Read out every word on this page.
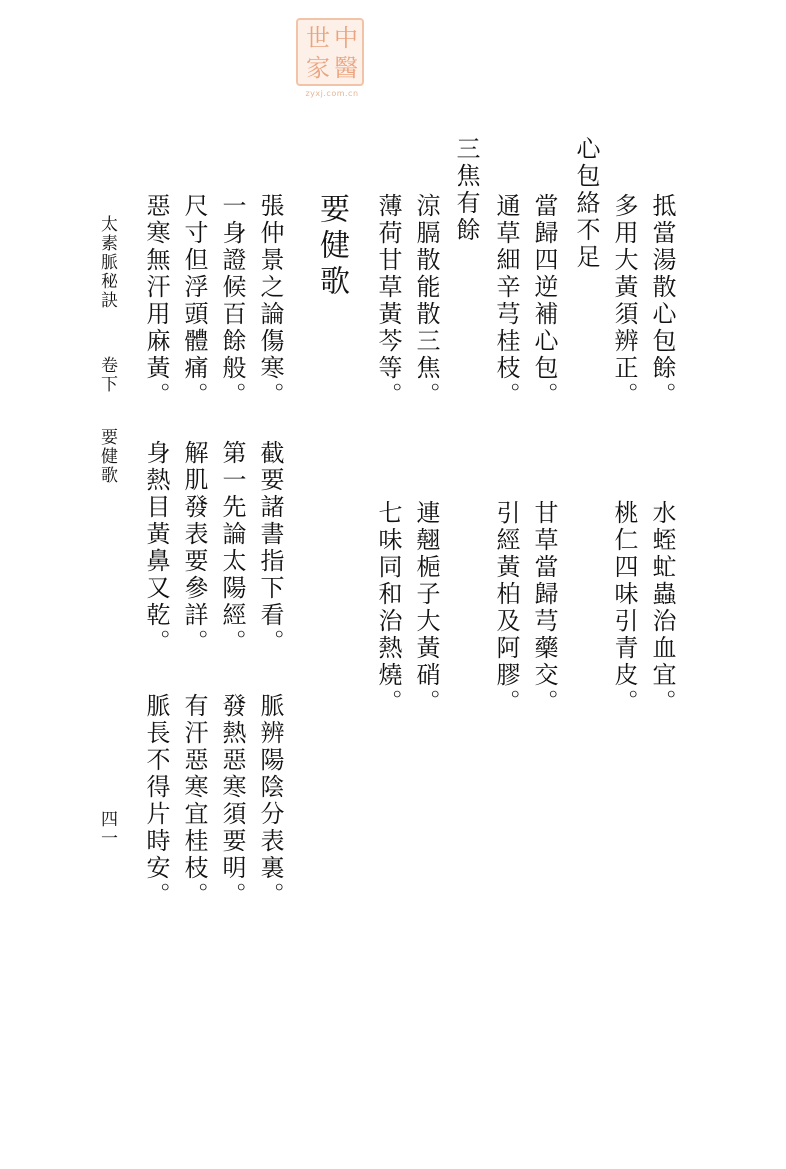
世 中
家 醫
zyxj.com.cn
抵當湯散心包餘。
多用大黃須辨正。
心包絡不足
當歸四逆補心包。
通草細辛芎桂枝。
三焦有餘
涼膈散能散三焦。
薄荷甘草黃芩等。
要健歌
張仲景之論傷寒。
一身證候百餘般。
尺寸但浮頭體痛。
惡寒無汗用麻黃。
水蛭虻蟲治血宜。
桃仁四味引青皮。
甘草當歸芎藥交。
引經黃柏及阿膠。
連翹梔子大黃硝。
七味同和治熱燒。
截要諸書指下看。
第一先論太陽經。
解肌發表要參詳。
身熱目黃鼻又乾。
脈辨陽陰分表裏。
發熱惡寒須要明。
有汗惡寒宜桂枝。
脈長不得片時安。
太素脈秘訣
卷下
要健歌
四一
